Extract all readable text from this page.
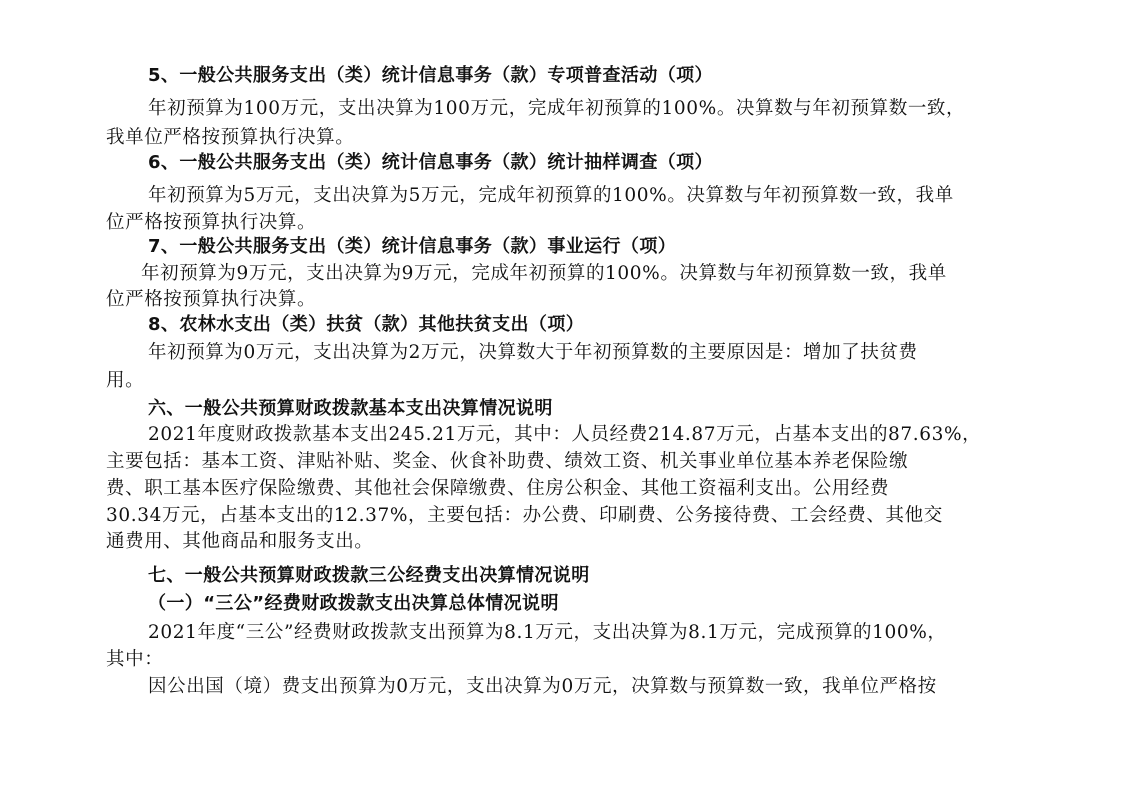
5、一般公共服务支出（类）统计信息事务（款）专项普查活动（项）
年初预算为100万元，支出决算为100万元，完成年初预算的100%。决算数与年初预算数一致，
我单位严格按预算执行决算。
6、一般公共服务支出（类）统计信息事务（款）统计抽样调查（项）
年初预算为5万元，支出决算为5万元，完成年初预算的100%。决算数与年初预算数一致，我单
位严格按预算执行决算。
7、一般公共服务支出（类）统计信息事务（款）事业运行（项）
年初预算为9万元，支出决算为9万元，完成年初预算的100%。决算数与年初预算数一致，我单
位严格按预算执行决算。
8、农林水支出（类）扶贫（款）其他扶贫支出（项）
年初预算为0万元，支出决算为2万元，决算数大于年初预算数的主要原因是：增加了扶贫费
用。
六、一般公共预算财政拨款基本支出决算情况说明
2021年度财政拨款基本支出245.21万元，其中：人员经费214.87万元，占基本支出的87.63%，
主要包括：基本工资、津贴补贴、奖金、伙食补助费、绩效工资、机关事业单位基本养老保险缴
费、职工基本医疗保险缴费、其他社会保障缴费、住房公积金、其他工资福利支出。公用经费
30.34万元，占基本支出的12.37%，主要包括：办公费、印刷费、公务接待费、工会经费、其他交
通费用、其他商品和服务支出。
七、一般公共预算财政拨款三公经费支出决算情况说明
（一）“三公”经费财政拨款支出决算总体情况说明
2021年度“三公”经费财政拨款支出预算为8.1万元，支出决算为8.1万元，完成预算的100%，
其中：
因公出国（境）费支出预算为0万元，支出决算为0万元，决算数与预算数一致，我单位严格按
